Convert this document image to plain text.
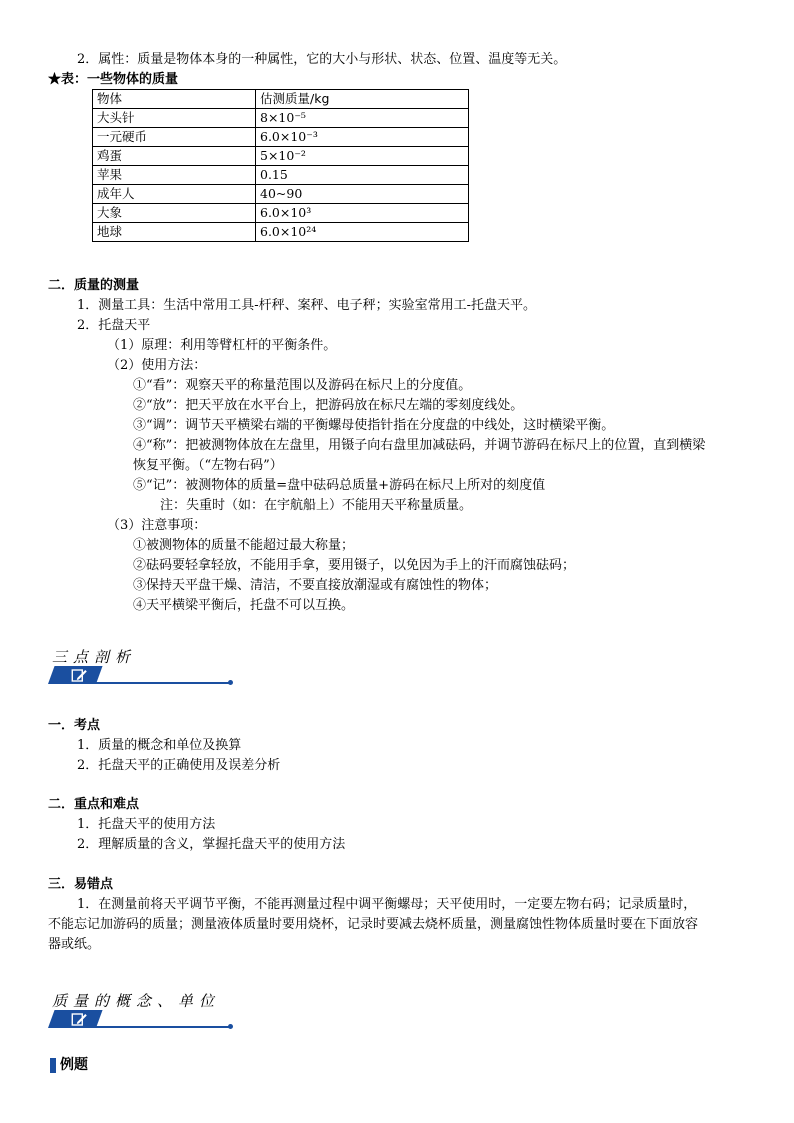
2．属性：质量是物体本身的一种属性，它的大小与形状、状态、位置、温度等无关。
★表：一些物体的质量
物体	估测质量/kg
大头针	8×10⁻⁵
一元硬币	6.0×10⁻³
鸡蛋	5×10⁻²
苹果	0.15
成年人	40~90
大象	6.0×10³
地球	6.0×10²⁴
二．质量的测量
1．测量工具：生活中常用工具-杆秤、案秤、电子秤；实验室常用工-托盘天平。
2．托盘天平
（1）原理：利用等臂杠杆的平衡条件。
（2）使用方法：
①“看”：观察天平的称量范围以及游码在标尺上的分度值。
②“放”：把天平放在水平台上，把游码放在标尺左端的零刻度线处。
③“调”：调节天平横梁右端的平衡螺母使指针指在分度盘的中线处，这时横梁平衡。
④“称”：把被测物体放在左盘里，用镊子向右盘里加减砝码，并调节游码在标尺上的位置，直到横梁
恢复平衡。（“左物右码”）
⑤“记”：被测物体的质量=盘中砝码总质量+游码在标尺上所对的刻度值
注：失重时（如：在宇航船上）不能用天平称量质量。
（3）注意事项：
①被测物体的质量不能超过最大称量；
②砝码要轻拿轻放，不能用手拿，要用镊子，以免因为手上的汗而腐蚀砝码；
③保持天平盘干燥、清洁，不要直接放潮湿或有腐蚀性的物体；
④天平横梁平衡后，托盘不可以互换。
三点剖析
一．考点
1．质量的概念和单位及换算
2．托盘天平的正确使用及误差分析
二．重点和难点
1．托盘天平的使用方法
2．理解质量的含义，掌握托盘天平的使用方法
三．易错点
1．在测量前将天平调节平衡，不能再测量过程中调平衡螺母；天平使用时，一定要左物右码；记录质量时，
不能忘记加游码的质量；测量液体质量时要用烧杯，记录时要减去烧杯质量，测量腐蚀性物体质量时要在下面放容
器或纸。
质量的概念、单位
例题
